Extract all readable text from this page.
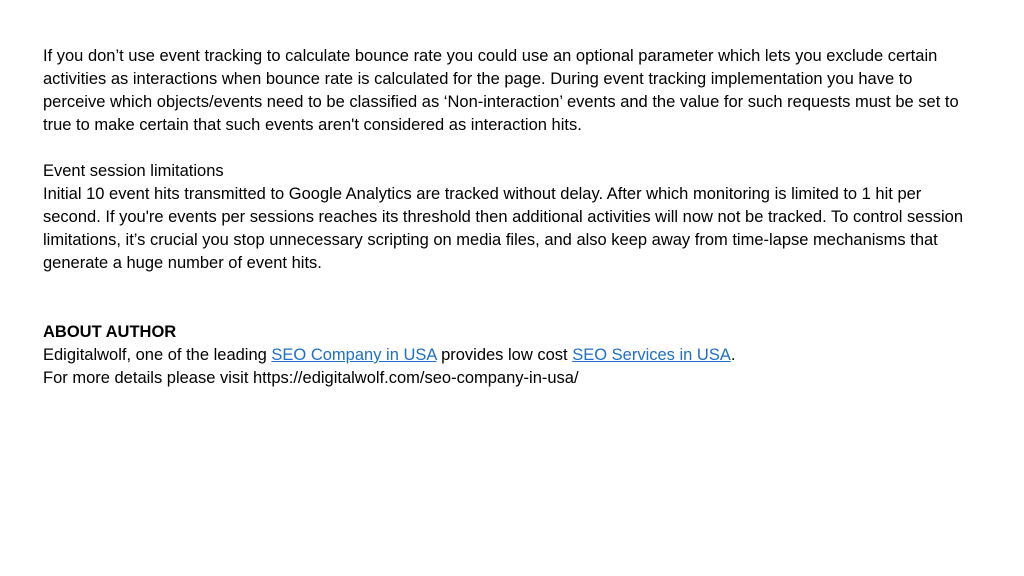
If you don’t use event tracking to calculate bounce rate you could use an optional parameter which lets you exclude certain activities as interactions when bounce rate is calculated for the page. During event tracking implementation you have to perceive which objects/events need to be classified as ‘Non-interaction’ events and the value for such requests must be set to true to make certain that such events aren't considered as interaction hits.

Event session limitations

Initial 10 event hits transmitted to Google Analytics are tracked without delay. After which monitoring is limited to 1 hit per second. If you're events per sessions reaches its threshold then additional activities will now not be tracked. To control session limitations, it’s crucial you stop unnecessary scripting on media files, and also keep away from time-lapse mechanisms that generate a huge number of event hits.

ABOUT AUTHOR

Edigitalwolf, one of the leading SEO Company in USA provides low cost SEO Services in USA.

For more details please visit https://edigitalwolf.com/seo-company-in-usa/
